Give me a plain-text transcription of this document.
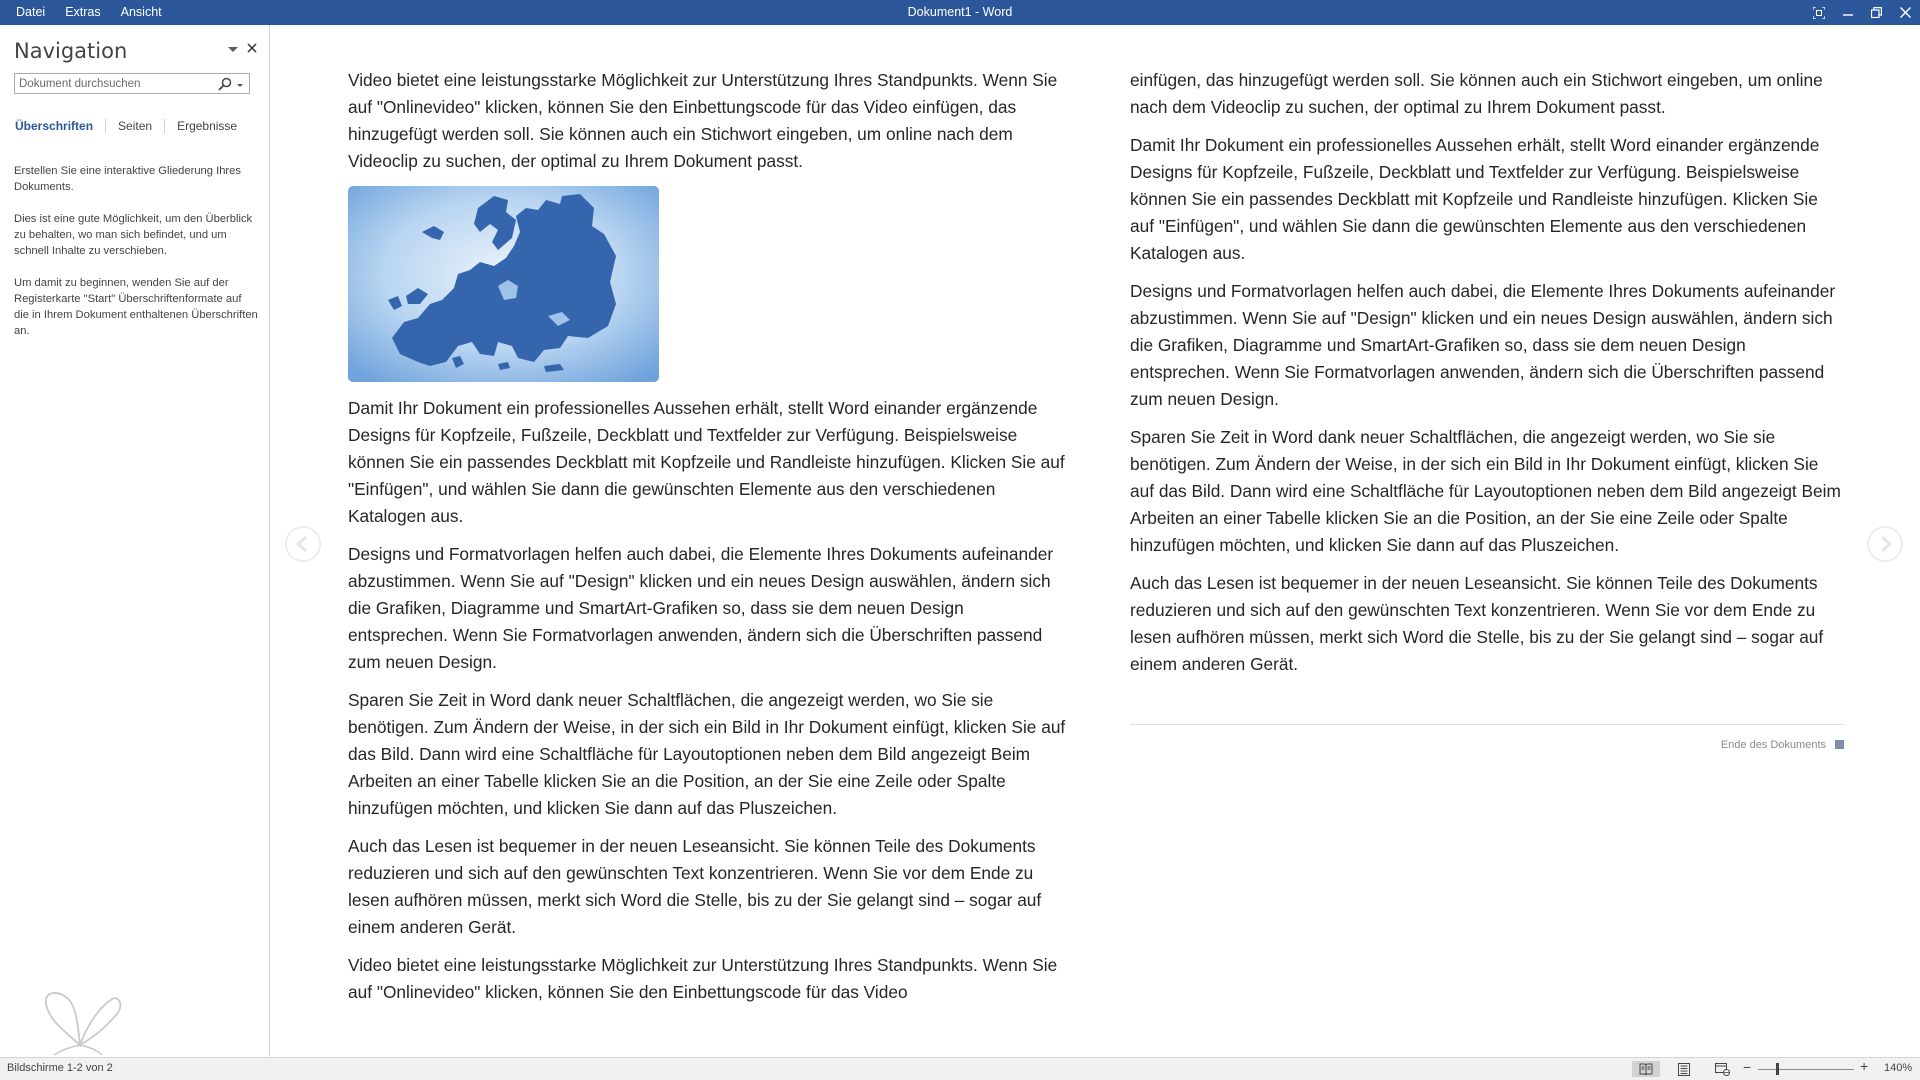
Datei	Extras	Ansicht	Dokument1 - Word
Navigation
Dokument durchsuchen
Überschriften	Seiten	Ergebnisse

Erstellen Sie eine interaktive Gliederung Ihres Dokuments.

Dies ist eine gute Möglichkeit, um den Überblick zu behalten, wo man sich befindet, und um schnell Inhalte zu verschieben.

Um damit zu beginnen, wenden Sie auf der Registerkarte "Start" Überschriftenformate auf die in Ihrem Dokument enthaltenen Überschriften an.

Video bietet eine leistungsstarke Möglichkeit zur Unterstützung Ihres Standpunkts. Wenn Sie auf "Onlinevideo" klicken, können Sie den Einbettungscode für das Video einfügen, das hinzugefügt werden soll. Sie können auch ein Stichwort eingeben, um online nach dem Videoclip zu suchen, der optimal zu Ihrem Dokument passt.

Damit Ihr Dokument ein professionelles Aussehen erhält, stellt Word einander ergänzende Designs für Kopfzeile, Fußzeile, Deckblatt und Textfelder zur Verfügung. Beispielsweise können Sie ein passendes Deckblatt mit Kopfzeile und Randleiste hinzufügen. Klicken Sie auf "Einfügen", und wählen Sie dann die gewünschten Elemente aus den verschiedenen Katalogen aus.

Designs und Formatvorlagen helfen auch dabei, die Elemente Ihres Dokuments aufeinander abzustimmen. Wenn Sie auf "Design" klicken und ein neues Design auswählen, ändern sich die Grafiken, Diagramme und SmartArt-Grafiken so, dass sie dem neuen Design entsprechen. Wenn Sie Formatvorlagen anwenden, ändern sich die Überschriften passend zum neuen Design.

Sparen Sie Zeit in Word dank neuer Schaltflächen, die angezeigt werden, wo Sie sie benötigen. Zum Ändern der Weise, in der sich ein Bild in Ihr Dokument einfügt, klicken Sie auf das Bild. Dann wird eine Schaltfläche für Layoutoptionen neben dem Bild angezeigt Beim Arbeiten an einer Tabelle klicken Sie an die Position, an der Sie eine Zeile oder Spalte hinzufügen möchten, und klicken Sie dann auf das Pluszeichen.

Auch das Lesen ist bequemer in der neuen Leseansicht. Sie können Teile des Dokuments reduzieren und sich auf den gewünschten Text konzentrieren. Wenn Sie vor dem Ende zu lesen aufhören müssen, merkt sich Word die Stelle, bis zu der Sie gelangt sind – sogar auf einem anderen Gerät.

Video bietet eine leistungsstarke Möglichkeit zur Unterstützung Ihres Standpunkts. Wenn Sie auf "Onlinevideo" klicken, können Sie den Einbettungscode für das Video

einfügen, das hinzugefügt werden soll. Sie können auch ein Stichwort eingeben, um online nach dem Videoclip zu suchen, der optimal zu Ihrem Dokument passt.

Damit Ihr Dokument ein professionelles Aussehen erhält, stellt Word einander ergänzende Designs für Kopfzeile, Fußzeile, Deckblatt und Textfelder zur Verfügung. Beispielsweise können Sie ein passendes Deckblatt mit Kopfzeile und Randleiste hinzufügen. Klicken Sie auf "Einfügen", und wählen Sie dann die gewünschten Elemente aus den verschiedenen Katalogen aus.

Designs und Formatvorlagen helfen auch dabei, die Elemente Ihres Dokuments aufeinander abzustimmen. Wenn Sie auf "Design" klicken und ein neues Design auswählen, ändern sich die Grafiken, Diagramme und SmartArt-Grafiken so, dass sie dem neuen Design entsprechen. Wenn Sie Formatvorlagen anwenden, ändern sich die Überschriften passend zum neuen Design.

Sparen Sie Zeit in Word dank neuer Schaltflächen, die angezeigt werden, wo Sie sie benötigen. Zum Ändern der Weise, in der sich ein Bild in Ihr Dokument einfügt, klicken Sie auf das Bild. Dann wird eine Schaltfläche für Layoutoptionen neben dem Bild angezeigt Beim Arbeiten an einer Tabelle klicken Sie an die Position, an der Sie eine Zeile oder Spalte hinzufügen möchten, und klicken Sie dann auf das Pluszeichen.

Auch das Lesen ist bequemer in der neuen Leseansicht. Sie können Teile des Dokuments reduzieren und sich auf den gewünschten Text konzentrieren. Wenn Sie vor dem Ende zu lesen aufhören müssen, merkt sich Word die Stelle, bis zu der Sie gelangt sind – sogar auf einem anderen Gerät.

Ende des Dokuments
Bildschirme 1-2 von 2	−	+ 140%
